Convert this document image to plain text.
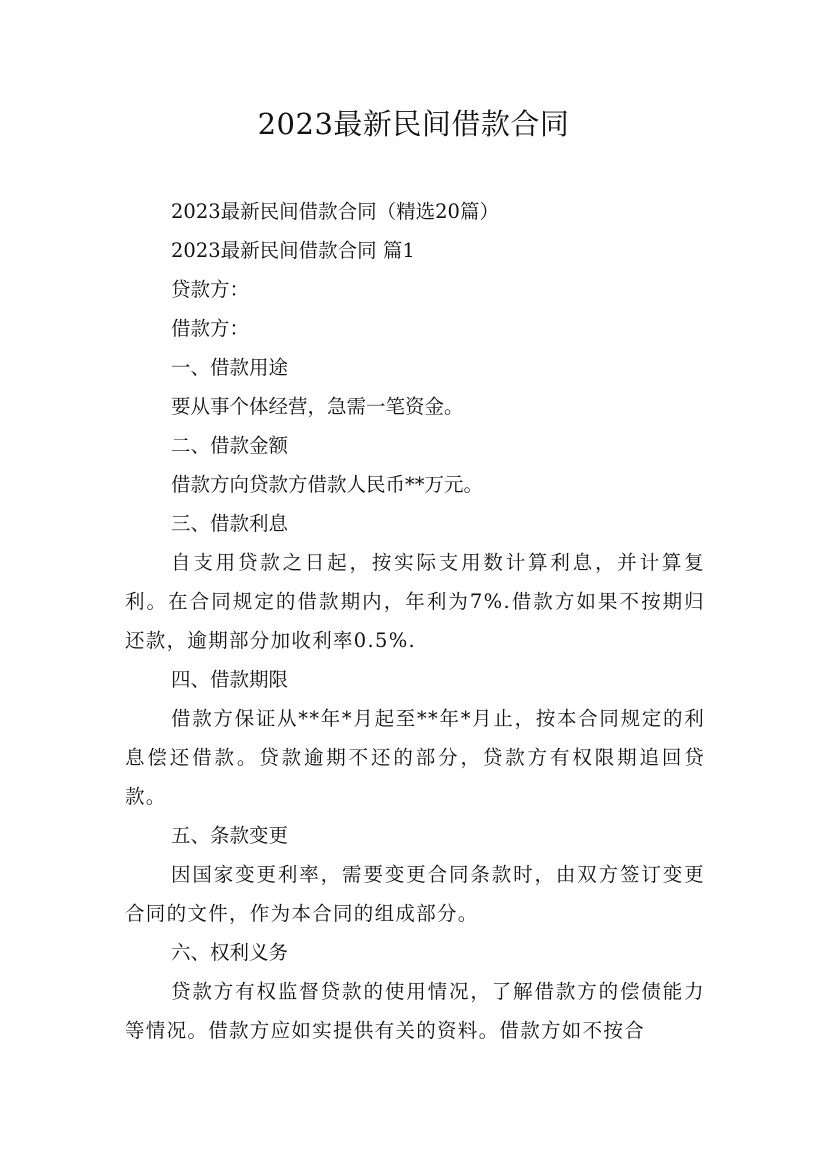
2023最新民间借款合同
2023最新民间借款合同（精选20篇）
2023最新民间借款合同 篇1
贷款方：
借款方：
一、借款用途
要从事个体经营，急需一笔资金。
二、借款金额
借款方向贷款方借款人民币**万元。
三、借款利息
自支用贷款之日起，按实际支用数计算利息，并计算复利。在合同规定的借款期内，年利为7%.借款方如果不按期归还款，逾期部分加收利率0.5%.
四、借款期限
借款方保证从**年*月起至**年*月止，按本合同规定的利息偿还借款。贷款逾期不还的部分，贷款方有权限期追回贷款。
五、条款变更
因国家变更利率，需要变更合同条款时，由双方签订变更合同的文件，作为本合同的组成部分。
六、权利义务
贷款方有权监督贷款的使用情况，了解借款方的偿债能力等情况。借款方应如实提供有关的资料。借款方如不按合
